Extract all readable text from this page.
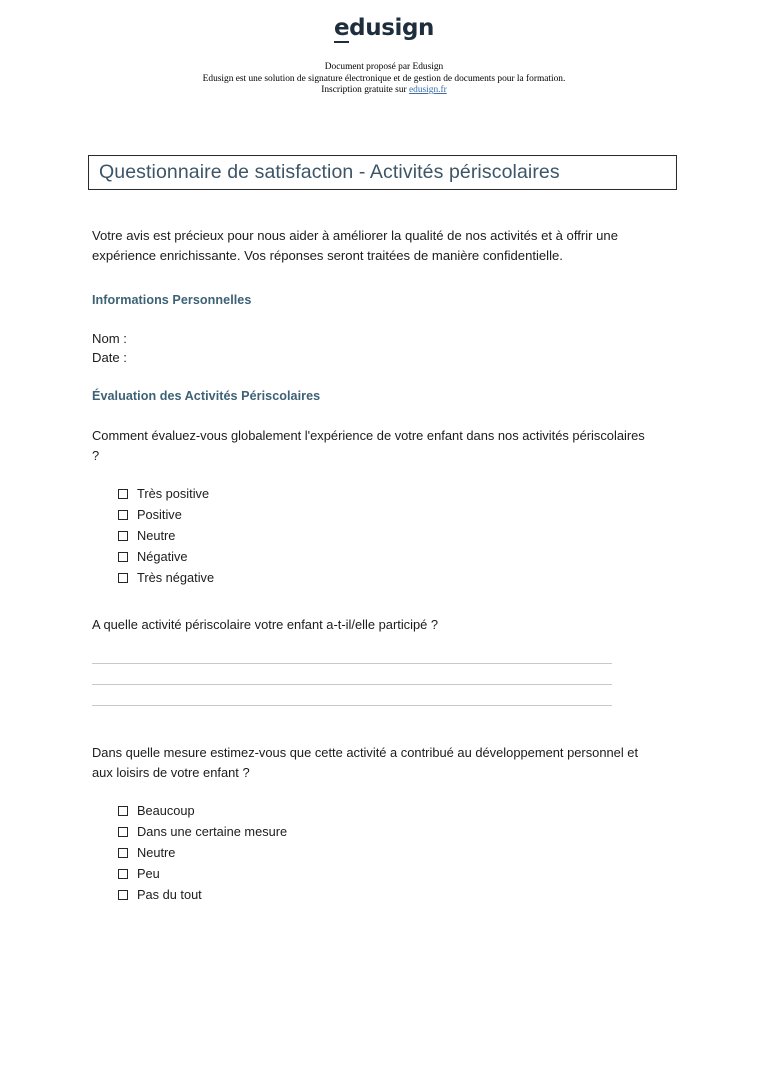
edusign
Document proposé par Edusign
Edusign est une solution de signature électronique et de gestion de documents pour la formation.
Inscription gratuite sur edusign.fr
Questionnaire de satisfaction - Activités périscolaires

Votre avis est précieux pour nous aider à améliorer la qualité de nos activités et à offrir une expérience enrichissante. Vos réponses seront traitées de manière confidentielle.

Informations Personnelles

Nom :

Date :

Évaluation des Activités Périscolaires

Comment évaluez-vous globalement l'expérience de votre enfant dans nos activités périscolaires ?

Très positive
Positive
Neutre
Négative
Très négative

A quelle activité périscolaire votre enfant a-t-il/elle participé ?

Dans quelle mesure estimez-vous que cette activité a contribué au développement personnel et aux loisirs de votre enfant ?

Beaucoup
Dans une certaine mesure
Neutre
Peu
Pas du tout
